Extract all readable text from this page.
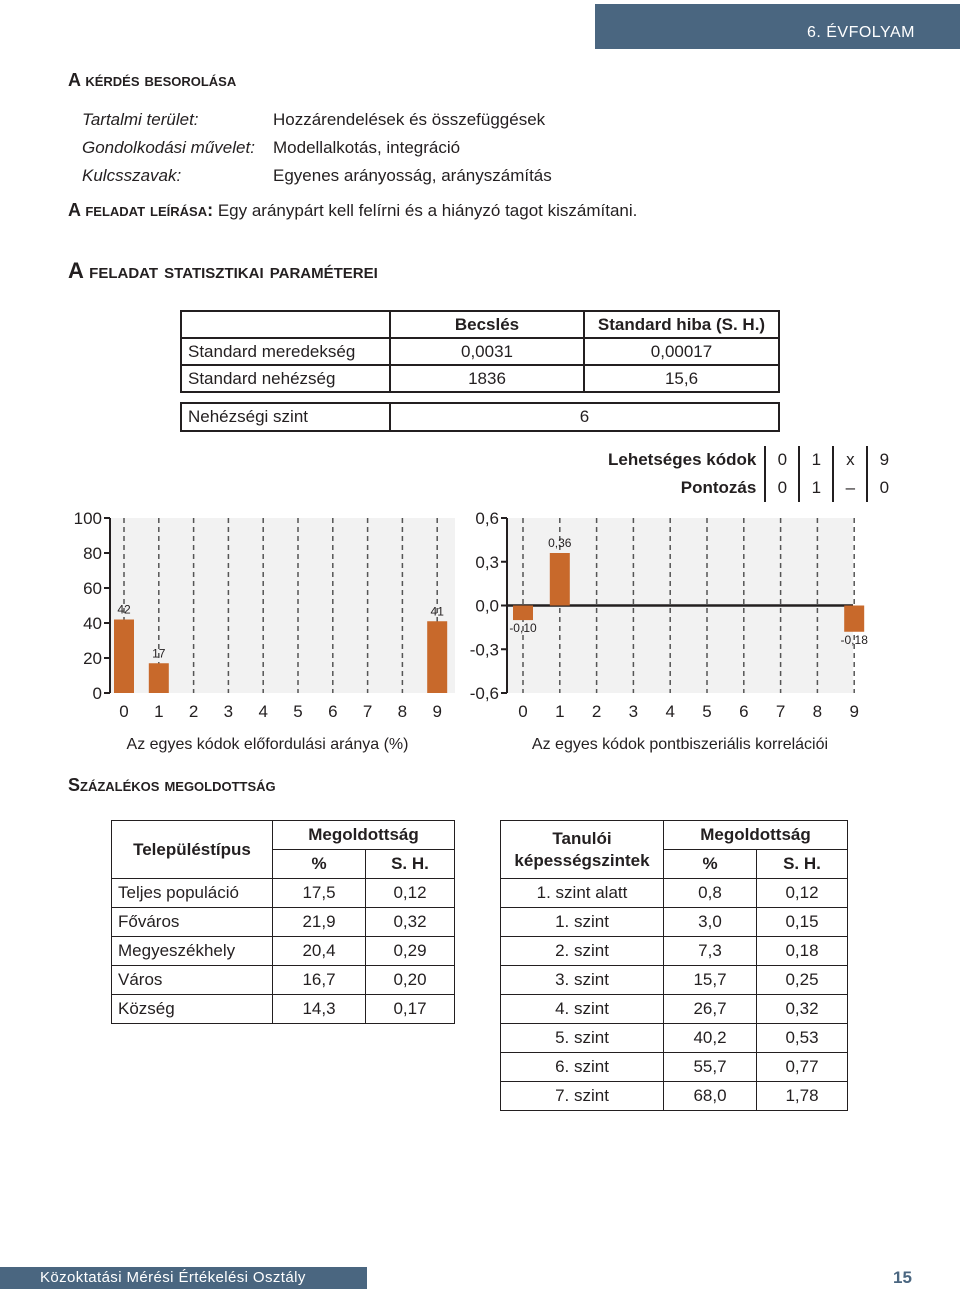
6. ÉVFOLYAM
A kérdés besorolása
Tartalmi terület:	Hozzárendelések és összefüggések
Gondolkodási művelet: Modellalkotás, integráció
Kulcsszavak:	Egyenes arányosság, arányszámítás
A feladat leírása: Egy aránypárt kell felírni és a hiányzó tagot kiszámítani.
A feladat statisztikai paraméterei
	Becslés	Standard hiba (S. H.)
Standard meredekség	0,0031	0,00017
Standard nehézség	1836	15,6
Nehézségi szint	6
Lehetséges kódok	0	1	x	9
Pontozás	0	1	–	0
0
20
40
60
80
100
42
17
41
0 1 2 3 4 5 6 7 8 9
Az egyes kódok előfordulási aránya (%)
-0,6
-0,3
0,0
0,3
0,6
-0,10
0,36
-0,18
0 1 2 3 4 5 6 7 8 9
Az egyes kódok pontbiszeriális korrelációi
Százalékos megoldottság
Településtípus	Megoldottság	
	%	S. H.
Teljes populáció	17,5	0,12
Főváros	21,9	0,32
Megyeszékhely	20,4	0,29
Város	16,7	0,20
Község	14,3	0,17
Tanulói
képességszintek	Megoldottság	
	%	S. H.
1. szint alatt	0,8	0,12
1. szint	3,0	0,15
2. szint	7,3	0,18
3. szint	15,7	0,25
4. szint	26,7	0,32
5. szint	40,2	0,53
6. szint	55,7	0,77
7. szint	68,0	1,78
Közoktatási Mérési Értékelési Osztály	15
